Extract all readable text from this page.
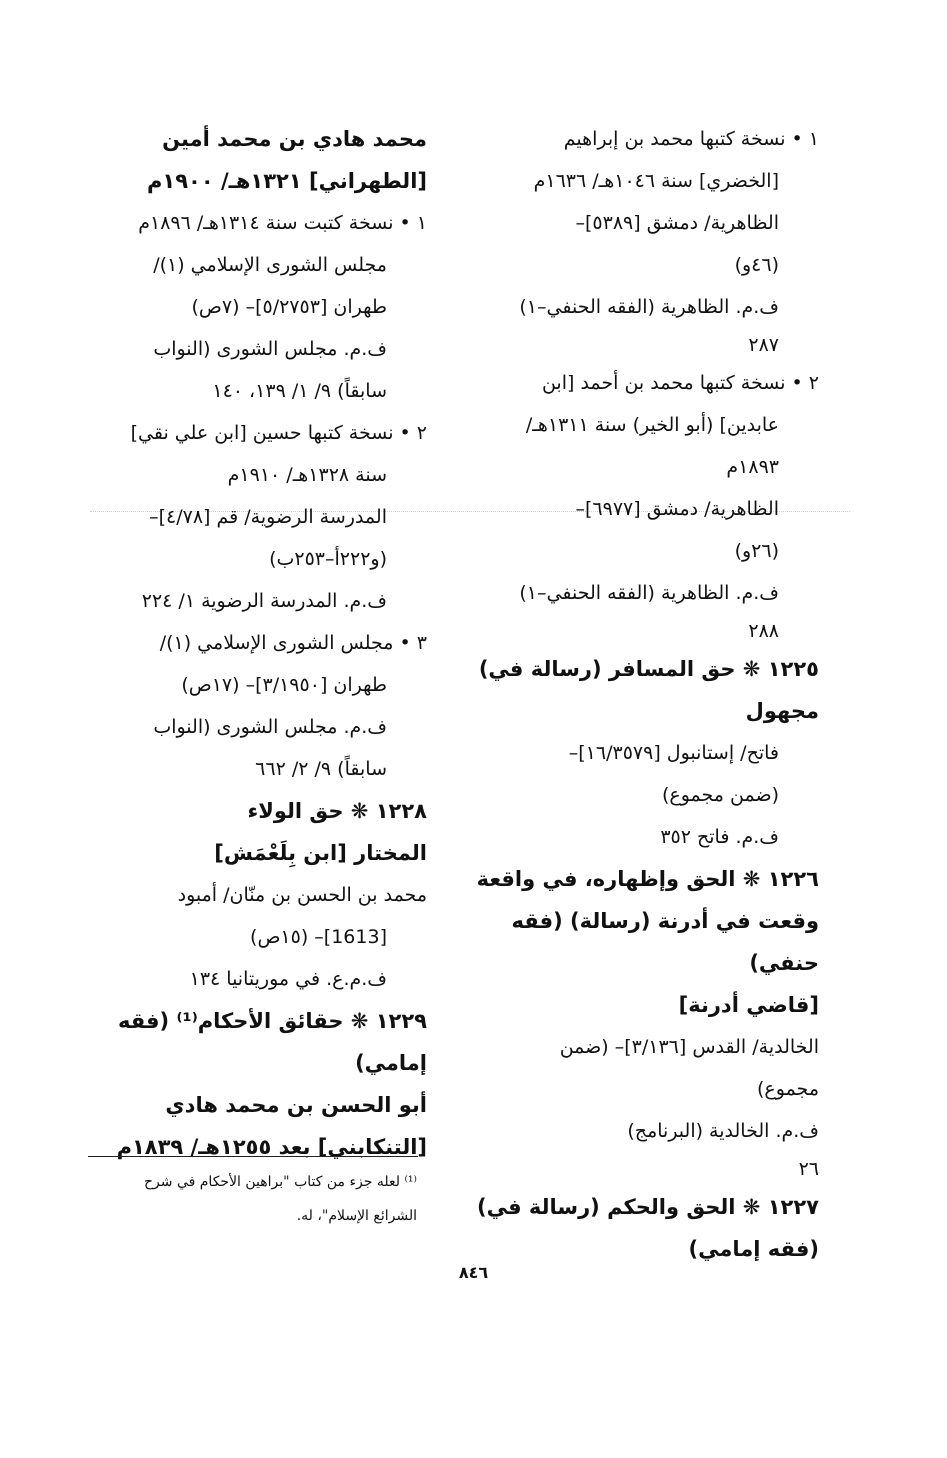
١ • نسخة كتبها محمد بن إبراهيم
[الخضري] سنة ١٠٤٦هـ/ ١٦٣٦م
الظاهرية/ دمشق [٥٣٨٩]–
(٤٦و)
ف.م. الظاهرية (الفقه الحنفي–١)
٢٨٧
٢ • نسخة كتبها محمد بن أحمد [ابن
عابدين] (أبو الخير) سنة ١٣١١هـ/
١٨٩٣م
الظاهرية/ دمشق [٦٩٧٧]–
(٢٦و)
ف.م. الظاهرية (الفقه الحنفي–١)
٢٨٨
١٢٢٥ ❋ حق المسافر (رسالة في)
مجهول
فاتح/ إستانبول [١٦/٣٥٧٩]–
(ضمن مجموع)
ف.م. فاتح ٣٥٢
١٢٢٦ ❋ الحق وإظهاره، في واقعة
وقعت في أدرنة (رسالة) (فقه
حنفي)
[قاضي أدرنة]
الخالدية/ القدس [٣/١٣٦]– (ضمن
مجموع)
ف.م. الخالدية (البرنامج)
٢٦
١٢٢٧ ❋ الحق والحكم (رسالة في)
(فقه إمامي)
محمد هادي بن محمد أمين
[الطهراني] ١٣٢١هـ/ ١٩٠٠م
١ • نسخة كتبت سنة ١٣١٤هـ/ ١٨٩٦م
مجلس الشورى الإسلامي (١)/
طهران [٥/٢٧٥٣]– (٧ص)
ف.م. مجلس الشورى (النواب
سابقاً) ٩/ ١/ ١٣٩، ١٤٠
٢ • نسخة كتبها حسين [ابن علي نقي]
سنة ١٣٢٨هـ/ ١٩١٠م
المدرسة الرضوية/ قم [٤/٧٨]–
(و٢٢٢أ–٢٥٣ب)
ف.م. المدرسة الرضوية ١/ ٢٢٤
٣ • مجلس الشورى الإسلامي (١)/
طهران [٣/١٩٥٠]– (١٧ص)
ف.م. مجلس الشورى (النواب
سابقاً) ٩/ ٢/ ٦٦٢
١٢٢٨ ❋ حق الولاء
المختار [ابن بِلَعْمَش]
محمد بن الحسن بن منّان/ أمبود
[1613]– (١٥ص)
ف.م.ع. في موريتانيا ١٣٤
١٢٢٩ ❋ حقائق الأحكام⁽¹⁾ (فقه
إمامي)
أبو الحسن بن محمد هادي
[التنكابني] بعد ١٢٥٥هـ/ ١٨٣٩م
⁽¹⁾ لعله جزء من كتاب "براهين الأحكام في شرح
الشرائع الإسلام"، له.
٨٤٦
